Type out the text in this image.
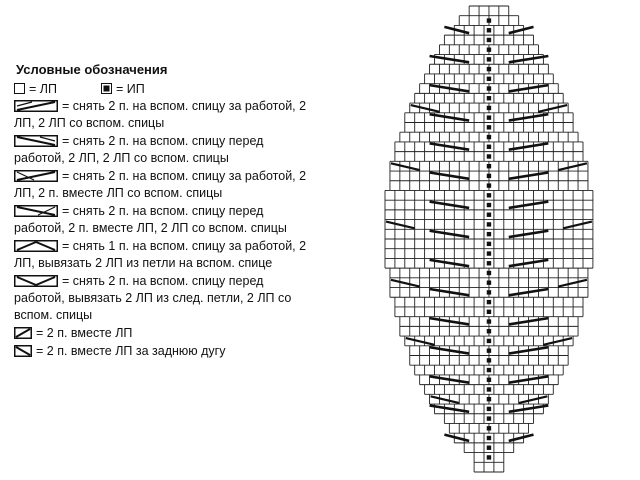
Условные обозначения
= ЛП	= ИП
= снять 2 п. на вспом. спицу за работой, 2 ЛП, 2 ЛП со вспом. спицы
= снять 2 п. на вспом. спицу перед работой, 2 ЛП, 2 ЛП со вспом. спицы
= снять 2 п. на вспом. спицу за работой, 2 ЛП, 2 п. вместе ЛП со вспом. спицы
= снять 2 п. на вспом. спицу перед работой, 2 п. вместе ЛП, 2 ЛП со вспом. спицы
= снять 1 п. на вспом. спицу за работой, 2 ЛП, вывязать 2 ЛП из петли на вспом. спице
= снять 2 п. на вспом. спицу перед работой, вывязать 2 ЛП из след. петли, 2 ЛП со вспом. спицы
= 2 п. вместе ЛП
= 2 п. вместе ЛП за заднюю дугу
